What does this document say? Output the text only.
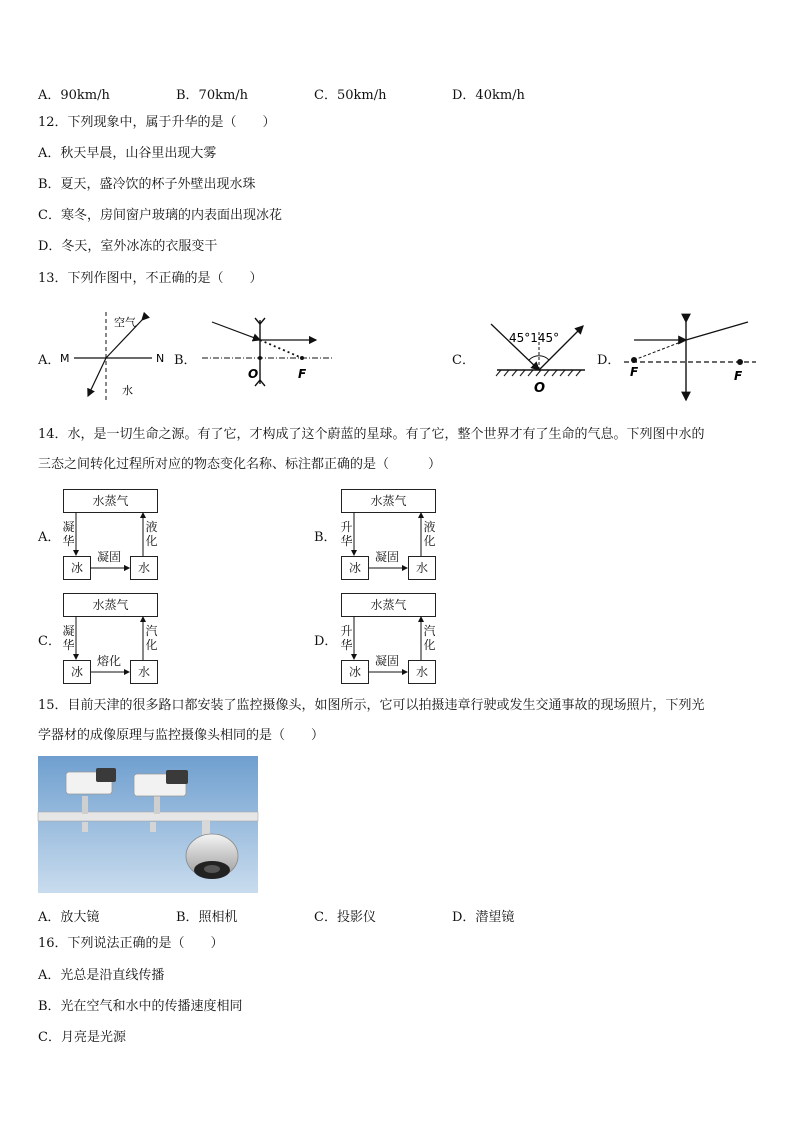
A．90km/h	B．70km/h	C．50km/h	D．40km/h
12．下列现象中，属于升华的是（　　）
A．秋天早晨，山谷里出现大雾
B．夏天，盛冷饮的杯子外壁出现水珠
C．寒冬，房间窗户玻璃的内表面出现冰花
D．冬天，室外冰冻的衣服变干
13．下列作图中，不正确的是（　　）
A．	B．	C．	D．
空气
水
M	N
O	F
45°145°
O
F	F
14．水，是一切生命之源。有了它，才构成了这个蔚蓝的星球。有了它，整个世界才有了生命的气息。下列图中水的
三态之间转化过程所对应的物态变化名称、标注都正确的是（　　　）
A．
水蒸气
冰	水
凝华
液化
凝固
B．
水蒸气
冰	水
升华
液化
凝固
C．
水蒸气
冰	水
凝华
汽化
熔化
D．
水蒸气
冰	水
升华
汽化
凝固
15．目前天津的很多路口都安装了监控摄像头，如图所示，它可以拍摄违章行驶或发生交通事故的现场照片，下列光
学器材的成像原理与监控摄像头相同的是（　　）
A．放大镜	B．照相机	C．投影仪	D．潜望镜
16．下列说法正确的是（　　）
A．光总是沿直线传播
B．光在空气和水中的传播速度相同
C．月亮是光源
